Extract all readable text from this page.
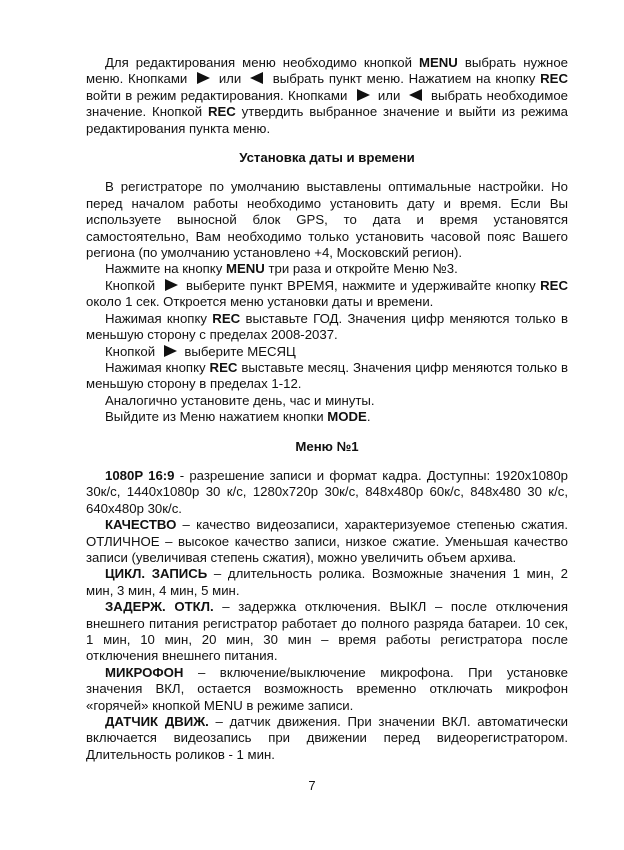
Для редактирования меню необходимо кнопкой MENU выбрать нужное меню. Кнопками  или  выбрать пункт меню. Нажатием на кнопку REC войти в режим редактирования. Кнопками  или  выбрать необходимое значение. Кнопкой REC утвердить выбранное значение и выйти из режима редактирования пункта меню.

Установка даты и времени

В регистраторе по умолчанию выставлены оптимальные настройки. Но перед началом работы необходимо установить дату и время. Если Вы используете выносной блок GPS, то дата и время установятся самостоятельно, Вам необходимо только установить часовой пояс Вашего региона (по умолчанию установлено +4, Московский регион).

Нажмите на кнопку MENU три раза и откройте Меню №3.

Кнопкой  выберите пункт ВРЕМЯ, нажмите и удерживайте кнопку REC около 1 сек. Откроется меню установки даты и времени.

Нажимая кнопку REC выставьте ГОД. Значения цифр меняются только в меньшую сторону с пределах 2008-2037.

Кнопкой  выберите МЕСЯЦ

Нажимая кнопку REC выставьте месяц. Значения цифр меняются только в меньшую сторону в пределах 1-12.

Аналогично установите день, час и минуты.

Выйдите из Меню нажатием кнопки MODE.

Меню №1

1080P 16:9 - разрешение записи и формат кадра. Доступны: 1920х1080р 30к/с, 1440х1080р 30 к/с, 1280х720р 30к/с, 848х480р 60к/с, 848х480 30 к/с, 640х480р 30к/с.

КАЧЕСТВО – качество видеозаписи, характеризуемое степенью сжатия. ОТЛИЧНОЕ – высокое качество записи, низкое сжатие. Уменьшая качество записи (увеличивая степень сжатия), можно увеличить объем архива.

ЦИКЛ. ЗАПИСЬ – длительность ролика. Возможные значения 1 мин, 2 мин, 3 мин, 4 мин, 5 мин.

ЗАДЕРЖ. ОТКЛ. – задержка отключения. ВЫКЛ – после отключения внешнего питания регистратор работает до полного разряда батареи. 10 сек, 1 мин, 10 мин, 20 мин, 30 мин – время работы регистратора после отключения внешнего питания.

МИКРОФОН – включение/выключение микрофона. При установке значения ВКЛ, остается возможность временно отключать микрофон «горячей» кнопкой MENU в режиме записи.

ДАТЧИК ДВИЖ. – датчик движения. При значении ВКЛ. автоматически включается видеозапись при движении перед видеорегистратором. Длительность роликов - 1 мин.

7
